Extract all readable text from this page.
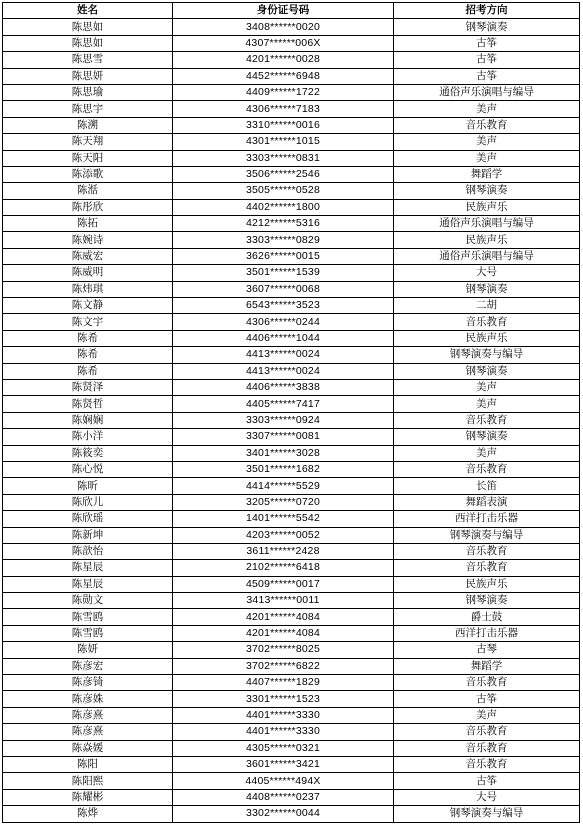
姓名	身份证号码	招考方向
陈思如	3408******0020	钢琴演奏
陈思如	4307******006X	古筝
陈思雪	4201******0028	古筝
陈思妍	4452******6948	古筝
陈思瑜	4409******1722	通俗声乐演唱与编导
陈思宇	4306******7183	美声
陈溯	3310******0016	音乐教育
陈天翔	4301******1015	美声
陈天阳	3303******0831	美声
陈添歌	3506******2546	舞蹈学
陈湉	3505******0528	钢琴演奏
陈彤欣	4402******1800	民族声乐
陈拓	4212******5316	通俗声乐演唱与编导
陈婉诗	3303******0829	民族声乐
陈威宏	3626******0015	通俗声乐演唱与编导
陈威明	3501******1539	大号
陈炜琪	3607******0068	钢琴演奏
陈文静	6543******3523	二胡
陈文宇	4306******0244	音乐教育
陈希	4406******1044	民族声乐
陈希	4413******0024	钢琴演奏与编导
陈希	4413******0024	钢琴演奏
陈贤泽	4406******3838	美声
陈贤哲	4405******7417	美声
陈娴娴	3303******0924	音乐教育
陈小洋	3307******0081	钢琴演奏
陈筱奕	3401******3028	美声
陈心悦	3501******1682	音乐教育
陈昕	4414******5529	长笛
陈欣儿	3205******0720	舞蹈表演
陈欣瑶	1401******5542	西洋打击乐器
陈新坤	4203******0052	钢琴演奏与编导
陈歆怡	3611******2428	音乐教育
陈星辰	2102******6418	音乐教育
陈星辰	4509******0017	民族声乐
陈勋文	3413******0011	钢琴演奏
陈雪鸥	4201******4084	爵士鼓
陈雪鸥	4201******4084	西洋打击乐器
陈妍	3702******8025	古琴
陈彦宏	3702******6822	舞蹈学
陈彦锜	4407******1829	音乐教育
陈彦姝	3301******1523	古筝
陈彦熹	4401******3330	美声
陈彦熹	4401******3330	音乐教育
陈焱媛	4305******0321	音乐教育
陈阳	3601******3421	音乐教育
陈阳熙	4405******494X	古筝
陈耀彬	4408******0237	大号
陈烨	3302******0044	钢琴演奏与编导
